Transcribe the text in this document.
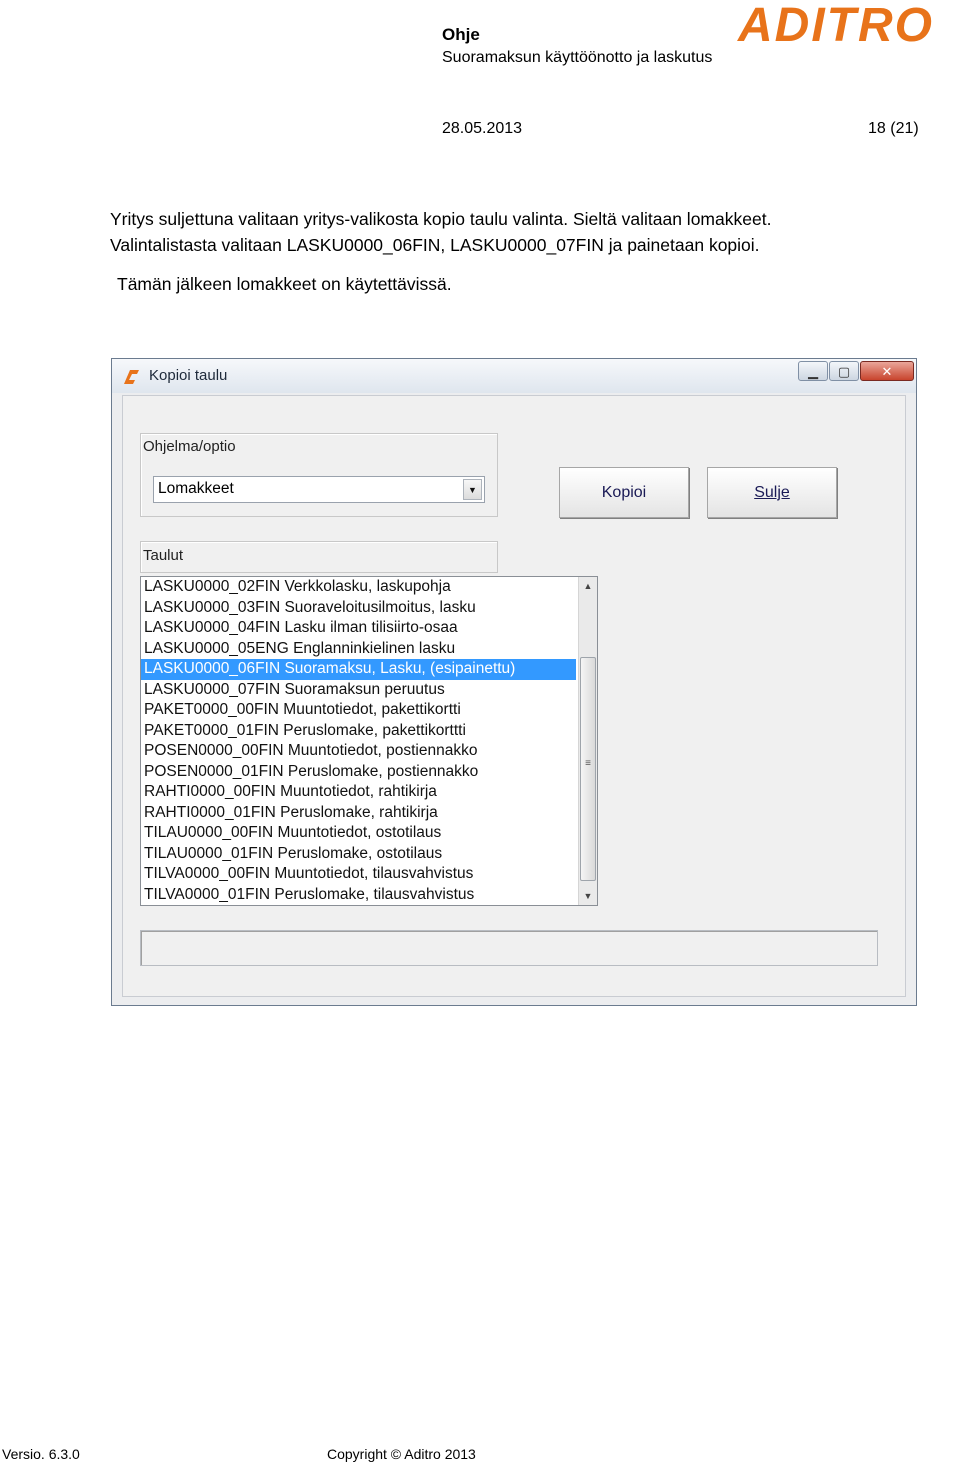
Ohje
Suoramaksun käyttöönotto ja laskutus
ADITRO
28.05.2013	18 (21)
Yritys suljettuna valitaan yritys-valikosta kopio taulu valinta. Sieltä valitaan lomakkeet.
Valintalistasta valitaan LASKU0000_06FIN, LASKU0000_07FIN ja painetaan kopioi.
Tämän jälkeen lomakkeet on käytettävissä.
Kopioi taulu	▁	▢	✕
Ohjelma/optio
Lomakkeet	▼	Kopioi	Sulje
Taulut
LASKU0000_02FIN Verkkolasku, laskupohja
LASKU0000_03FIN Suoraveloitusilmoitus, lasku
LASKU0000_04FIN Lasku ilman tilisiirto-osaa
LASKU0000_05ENG Englanninkielinen lasku
LASKU0000_06FIN Suoramaksu, Lasku, (esipainettu)
LASKU0000_07FIN Suoramaksun peruutus
PAKET0000_00FIN Muuntotiedot, pakettikortti
PAKET0000_01FIN Peruslomake, pakettikorttti
POSEN0000_00FIN Muuntotiedot, postiennakko
POSEN0000_01FIN Peruslomake, postiennakko
RAHTI0000_00FIN Muuntotiedot, rahtikirja
RAHTI0000_01FIN Peruslomake, rahtikirja
TILAU0000_00FIN Muuntotiedot, ostotilaus
TILAU0000_01FIN Peruslomake, ostotilaus
TILVA0000_00FIN Muuntotiedot, tilausvahvistus
TILVA0000_01FIN Peruslomake, tilausvahvistus
▲
≡
▼
Versio. 6.3.0	Copyright © Aditro 2013
